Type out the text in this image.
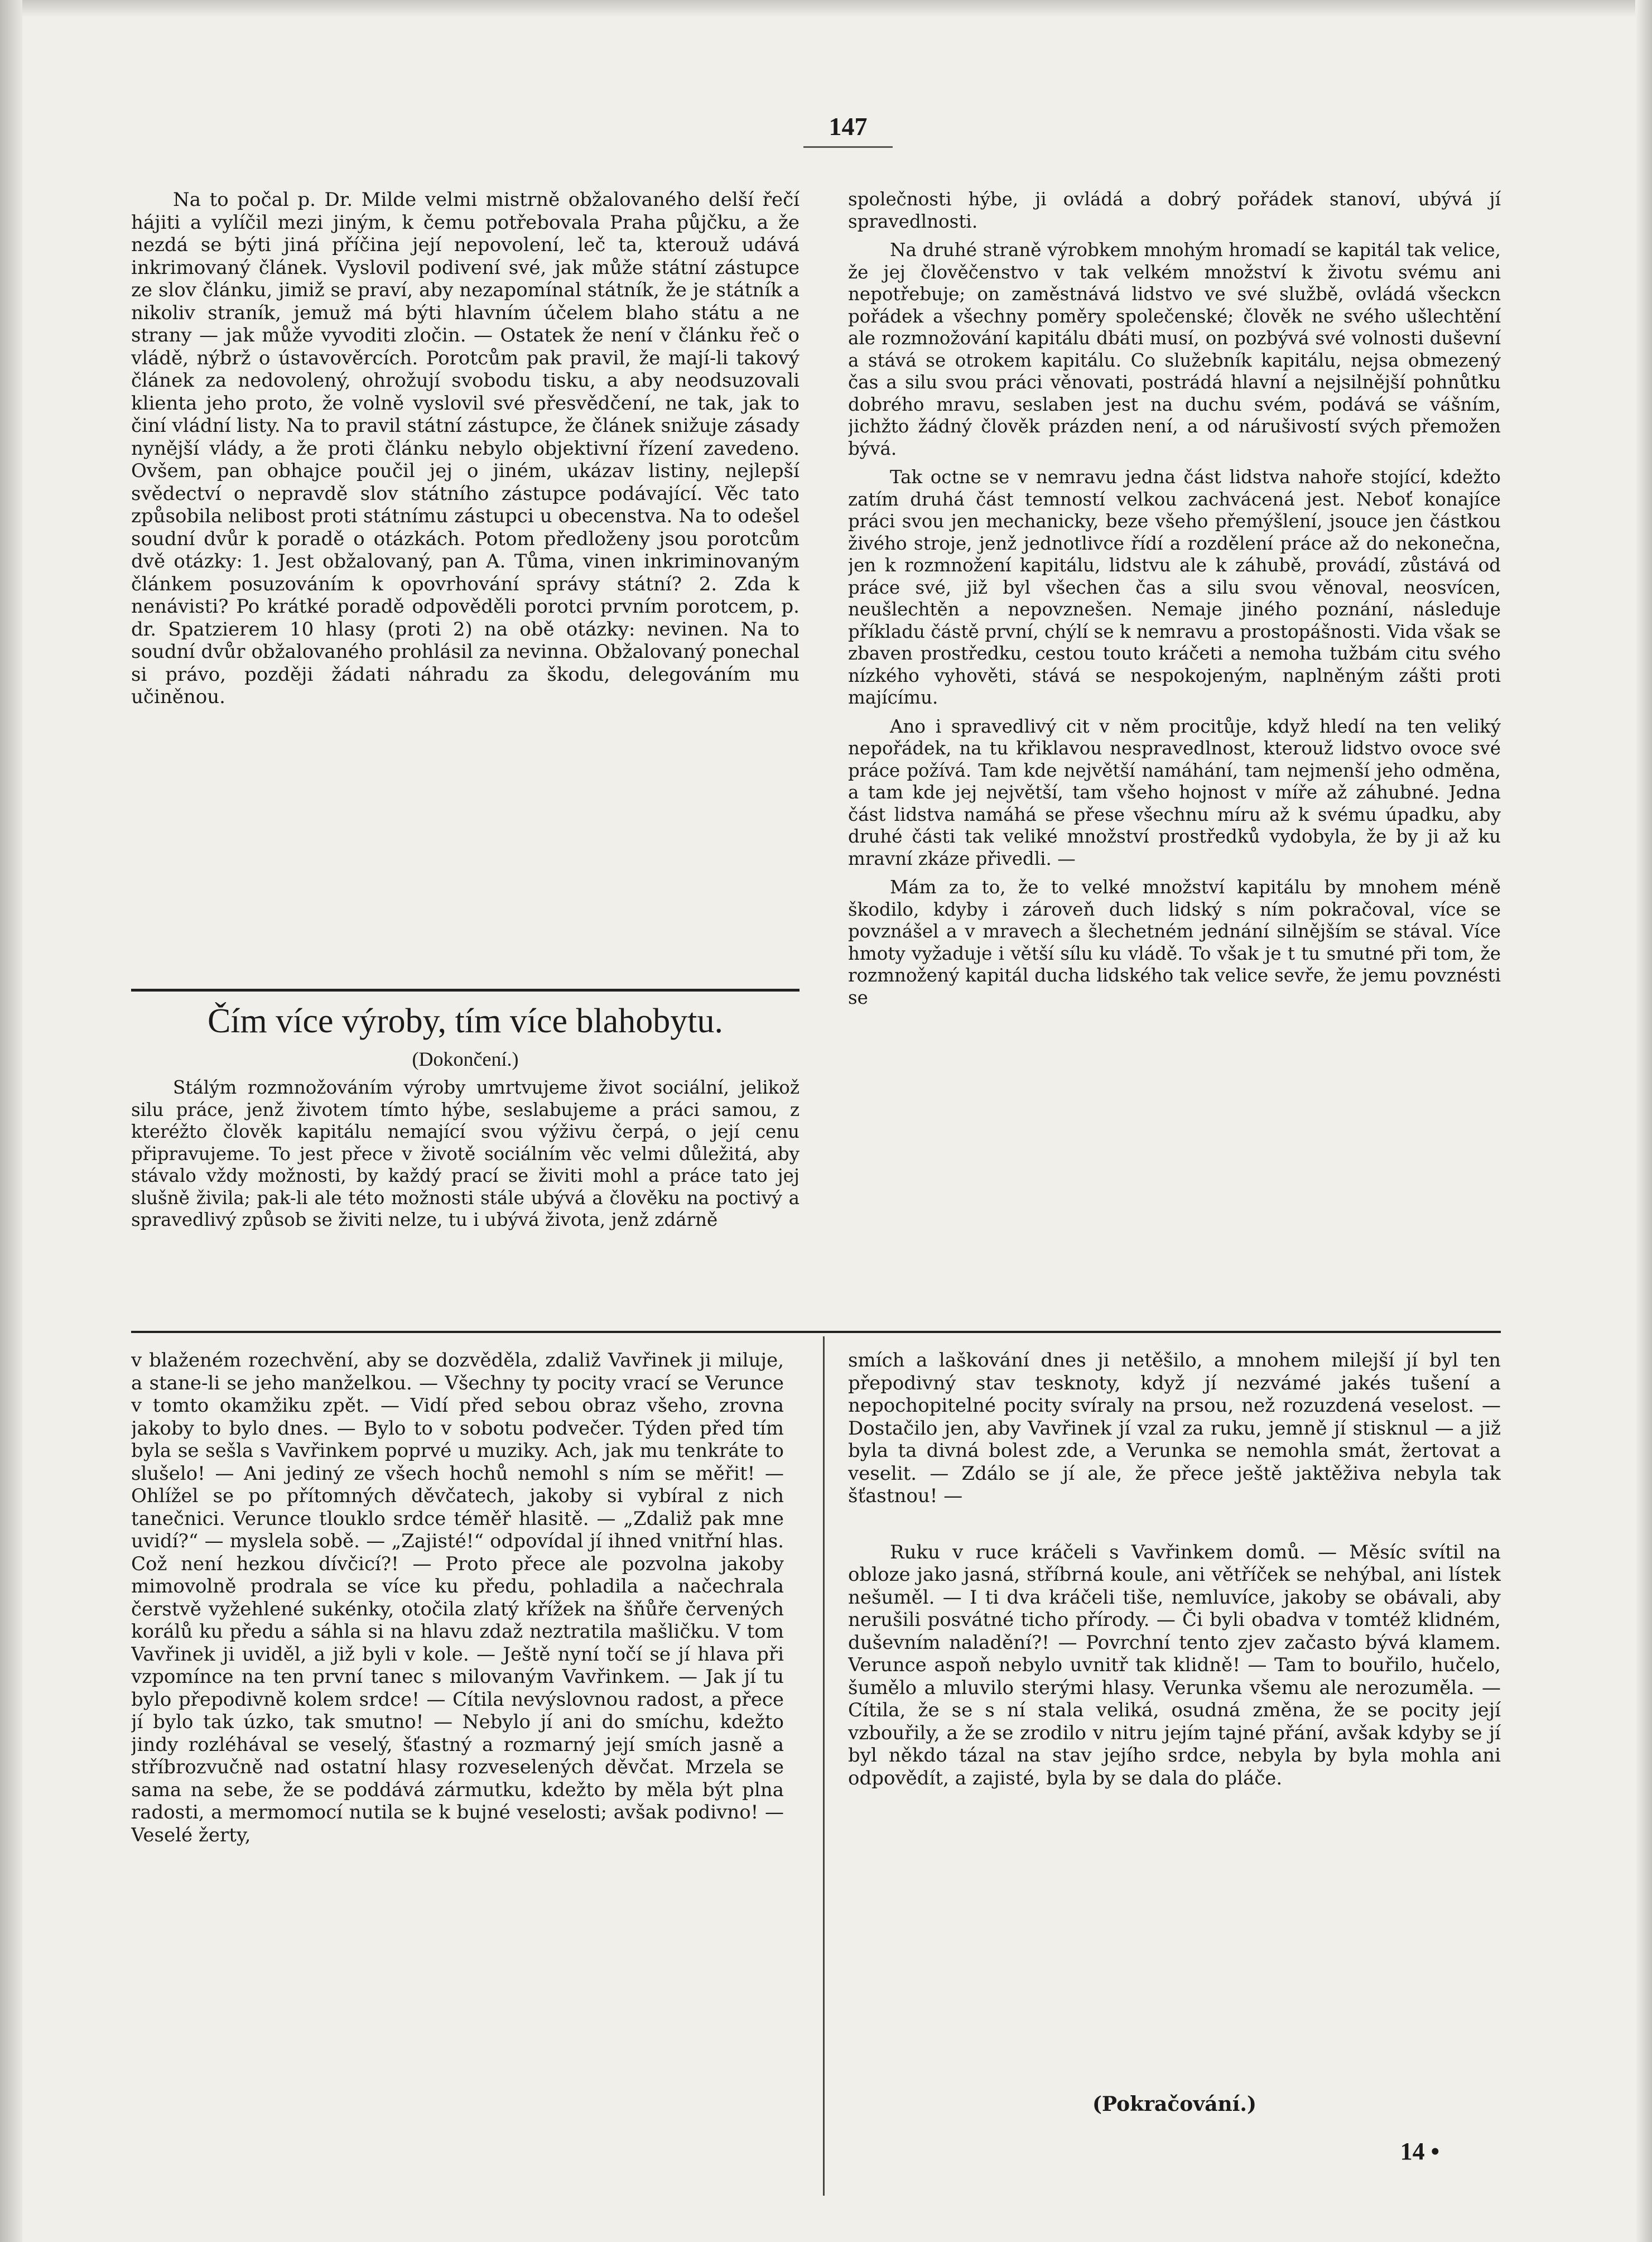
147

Na to počal p. Dr. Milde velmi mistrně obžalovaného delší řečí hájiti a vylíčil mezi jiným, k čemu potřebovala Praha půjčku, a že nezdá se býti jiná příčina její nepovolení, leč ta, kterouž udává inkrimovaný článek. Vyslovil podivení své, jak může státní zástupce ze slov článku, jimiž se praví, aby nezapomínal státník, že je státník a nikoliv straník, jemuž má býti hlavním účelem blaho státu a ne strany — jak může vyvoditi zločin. — Ostatek že není v článku řeč o vládě, nýbrž o ústavověrcích. Porotcům pak pravil, že mají-li takový článek za nedovolený, ohrožují svobodu tisku, a aby neodsuzovali klienta jeho proto, že volně vyslovil své přesvědčení, ne tak, jak to činí vládní listy. Na to pravil státní zástupce, že článek snižuje zásady nynější vlády, a že proti článku nebylo objektivní řízení zavedeno. Ovšem, pan obhajce poučil jej o jiném, ukázav listiny, nejlepší svědectví o nepravdě slov státního zástupce podávající. Věc tato způsobila nelibost proti státnímu zástupci u obecenstva. Na to odešel soudní dvůr k poradě o otázkách. Potom předloženy jsou porotcům dvě otázky: 1. Jest obžalovaný, pan A. Tůma, vinen inkriminovaným článkem posuzováním k opovrhování správy státní? 2. Zda k nenávisti? Po krátké poradě odpověděli porotci prvním porotcem, p. dr. Spatzierem 10 hlasy (proti 2) na obě otázky: nevinen. Na to soudní dvůr obžalovaného prohlásil za nevinna. Obžalovaný ponechal si právo, později žádati náhradu za škodu, delegováním mu učiněnou.

Čím více výroby, tím více blahobytu.
(Dokončení.)

Stálým rozmnožováním výroby umrtvujeme život sociální, jelikož silu práce, jenž životem tímto hýbe, seslabujeme a práci samou, z kteréžto člověk kapitálu nemající svou výživu čerpá, o její cenu připravujeme. To jest přece v životě sociálním věc velmi důležitá, aby stávalo vždy možnosti, by každý prací se živiti mohl a práce tato jej slušně živila; pak-li ale této možnosti stále ubývá a člověku na poctivý a spravedlivý způsob se živiti nelze, tu i ubývá života, jenž zdárně

společnosti hýbe, ji ovládá a dobrý pořádek stanoví, ubývá jí spravedlnosti.

Na druhé straně výrobkem mnohým hromadí se kapitál tak velice, že jej člověčenstvo v tak velkém množství k životu svému ani nepotřebuje; on zaměstnává lidstvo ve své službě, ovládá všeckcn pořádek a všechny poměry společenské; člověk ne svého ušlechtění ale rozmnožování kapitálu dbáti musí, on pozbývá své volnosti duševní a stává se otrokem kapitálu. Co služebník kapitálu, nejsa obmezený čas a silu svou práci věnovati, postrádá hlavní a nejsilnější pohnůtku dobrého mravu, seslaben jest na duchu svém, podává se vášním, jichžto žádný člověk prázden není, a od nárušivostí svých přemožen bývá.

Tak octne se v nemravu jedna část lidstva nahoře stojící, kdežto zatím druhá část temností velkou zachvácená jest. Neboť konajíce práci svou jen mechanicky, beze všeho přemýšlení, jsouce jen částkou živého stroje, jenž jednotlivce řídí a rozdělení práce až do nekonečna, jen k rozmnožení kapitálu, lidstvu ale k záhubě, provádí, zůstává od práce své, již byl všechen čas a silu svou věnoval, neosvícen, neušlechtěn a nepovznešen. Nemaje jiného poznání, následuje příkladu částě první, chýlí se k nemravu a prostopášnosti. Vida však se zbaven prostředku, cestou touto kráčeti a nemoha tužbám citu svého nízkého vyhověti, stává se nespokojeným, naplněným zášti proti majícímu.

Ano i spravedlivý cit v něm procitůje, když hledí na ten veliký nepořádek, na tu křiklavou nespravedlnost, kterouž lidstvo ovoce své práce požívá. Tam kde největší namáhání, tam nejmenší jeho odměna, a tam kde jej největší, tam všeho hojnost v míře až záhubné. Jedna část lidstva namáhá se přese všechnu míru až k svému úpadku, aby druhé části tak veliké množství prostředků vydobyla, že by ji až ku mravní zkáze přivedli. —

Mám za to, že to velké množství kapitálu by mnohem méně škodilo, kdyby i zároveň duch lidský s ním pokračoval, více se povznášel a v mravech a šlechetném jednání silnějším se stával. Více hmoty vyžaduje i větší sílu ku vládě. To však je t tu smutné při tom, že rozmnožený kapitál ducha lidského tak velice sevře, že jemu povznésti se

v blaženém rozechvění, aby se dozvěděla, zdaliž Vavřinek ji miluje, a stane-li se jeho manželkou. — Všechny ty pocity vrací se Verunce v tomto okamžiku zpět. — Vidí před sebou obraz všeho, zrovna jakoby to bylo dnes. — Bylo to v sobotu podvečer. Týden před tím byla se sešla s Vavřinkem poprvé u muziky. Ach, jak mu tenkráte to slušelo! — Ani jediný ze všech hochů nemohl s ním se měřit! — Ohlížel se po přítomných děvčatech, jakoby si vybíral z nich tanečnici. Verunce tlouklo srdce téměř hlasitě. — „Zdaliž pak mne uvidí?“ — myslela sobě. — „Zajisté!“ odpovídal jí ihned vnitřní hlas. Což není hezkou dívčicí?! — Proto přece ale pozvolna jakoby mimovolně prodrala se více ku předu, pohladila a načechrala čerstvě vyžehlené sukénky, otočila zlatý křížek na šňůře červených korálů ku předu a sáhla si na hlavu zdaž neztratila mašličku. V tom Vavřinek ji uviděl, a již byli v kole. — Ještě nyní točí se jí hlava při vzpomínce na ten první tanec s milovaným Vavřinkem. — Jak jí tu bylo přepodivně kolem srdce! — Cítila nevýslovnou radost, a přece jí bylo tak úzko, tak smutno! — Nebylo jí ani do smíchu, kdežto jindy rozléhával se veselý, šťastný a rozmarný její smích jasně a stříbrozvučně nad ostatní hlasy rozveselených děvčat. Mrzela se sama na sebe, že se poddává zármutku, kdežto by měla být plna radosti, a mermomocí nutila se k bujné veselosti; avšak podivno! — Veselé žerty,

smích a laškování dnes ji netěšilo, a mnohem milejší jí byl ten přepodivný stav tesknoty, když jí nezvámé jakés tušení a nepochopitelné pocity svíraly na prsou, než rozuzdená veselost. — Dostačilo jen, aby Vavřinek jí vzal za ruku, jemně jí stisknul — a již byla ta divná bolest zde, a Verunka se nemohla smát, žertovat a veselit. — Zdálo se jí ale, že přece ještě jaktěživa nebyla tak šťastnou! —

Ruku v ruce kráčeli s Vavřinkem domů. — Měsíc svítil na obloze jako jasná, stříbrná koule, ani větříček se nehýbal, ani lístek nešuměl. — I ti dva kráčeli tiše, nemluvíce, jakoby se obávali, aby nerušili posvátné ticho přírody. — Či byli obadva v tomtéž klidném, duševním naladění?! — Povrchní tento zjev začasto bývá klamem. Verunce aspoň nebylo uvnitř tak klidně! — Tam to bouřilo, hučelo, šumělo a mluvilo sterými hlasy. Verunka všemu ale nerozuměla. — Cítila, že se s ní stala veliká, osudná změna, že se pocity její vzbouřily, a že se zrodilo v nitru jejím tajné přání, avšak kdyby se jí byl někdo tázal na stav jejího srdce, nebyla by byla mohla ani odpovědít, a zajisté, byla by se dala do pláče.

(Pokračování.)
14 •
